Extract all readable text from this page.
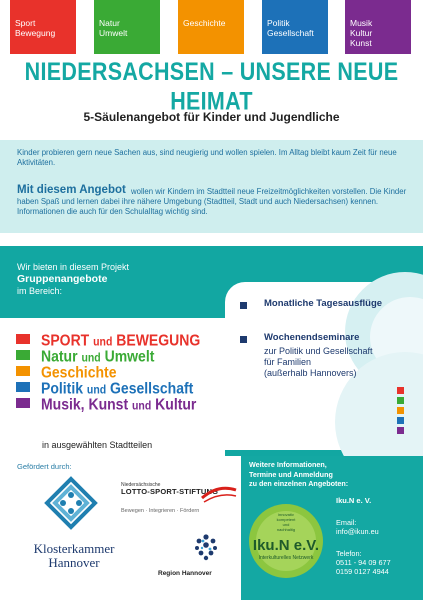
Sport
Bewegung
Natur
Umwelt
Geschichte	Politik
Gesellschaft
Musik
Kultur
Kunst
NIEDERSACHSEN – UNSERE NEUE HEIMAT
5-Säulenangebot für Kinder und Jugendliche
Kinder probieren gern neue Sachen aus, sind neugierig und wollen spielen. Im Alltag bleibt kaum Zeit für neue Aktivitäten.
Mit diesem Angebot wollen wir Kindern im Stadtteil neue Freizeitmöglichkeiten vorstellen. Die Kinder haben Spaß und lernen dabei ihre nähere Umgebung (Stadtteil, Stadt und auch Niedersachsen) kennen. Informationen die auch für den Schulalltag wichtig sind.
Wir bieten in diesem Projekt
Gruppenangebote
im Bereich:
SPORT und BEWEGUNG
Natur und Umwelt
Geschichte
Politik und Gesellschaft
Musik, Kunst und Kultur
in ausgewählten Stadtteilen
Monatliche Tagesausflüge
Wochenendseminare
zur Politik und Gesellschaft
für Familien
(außerhalb Hannovers)
Gefördert durch:
Klosterkammer
Hannover
Niedersächsische
LOTTO-SPORT-STIFTUNG
Bewegen · Integrieren · Fördern
Region Hannover
Weitere Informationen,
Termine und Anmeldung
zu den einzelnen Angeboten:
Iku.N e.V.
Interkulturelles Netzwerk
innovativ
kompetent
und
nachhaltig
Iku.N e. V.
Email:
info@ikun.eu
Telefon:
0511 - 94 09 677
0159 0127 4944
